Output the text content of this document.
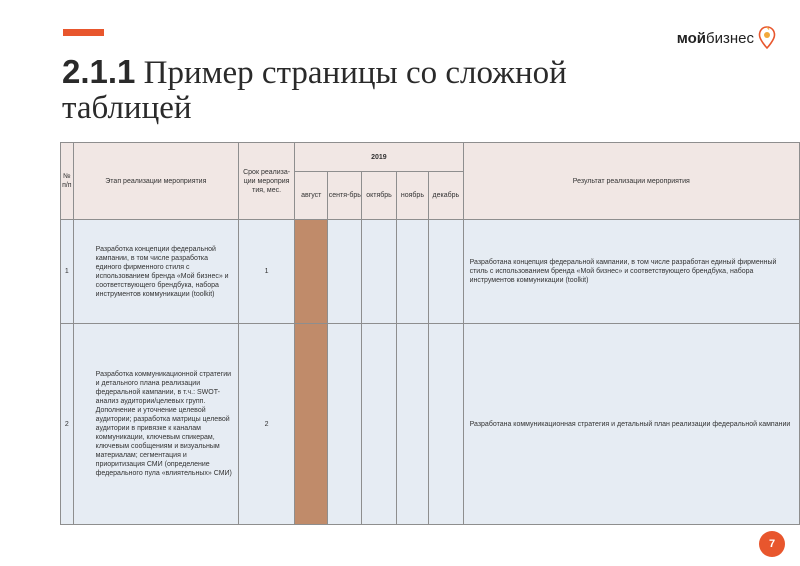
2.1.1 Пример страницы со сложной таблицей
мой бизнес
№ п/п	Этап реализации мероприятия	Срок реализа-ции мероприя тия, мес.	2019					Результат реализации мероприятия
			август	сентя-брь	октябрь	ноябрь	декабрь	
1	Разработка концепции федеральной кампании, в том числе разработка единого фирменного стиля с использованием бренда «Мой бизнес» и соответствующего брендбука, набора инструментов коммуникации (toolkit)	1						Разработана концепция федеральной кампании, в том числе разработан единый фирменный стиль с использованием бренда «Мой бизнес» и соответствующего брендбука, набора инструментов коммуникации (toolkit)
2	Разработка коммуникационной стратегии и детального плана реализации федеральной кампании, в т.ч.: SWOT-анализ аудитории/целевых групп. Дополнение и уточнение целевой аудитории; разработка матрицы целевой аудитории в привязке к каналам коммуникации, ключевым спикерам, ключевым сообщениям и визуальным материалам; сегментация и приоритизация СМИ (определение федерального пула «влиятельных» СМИ)	2						Разработана коммуникационная стратегия и детальный план реализации федеральной кампании
7
